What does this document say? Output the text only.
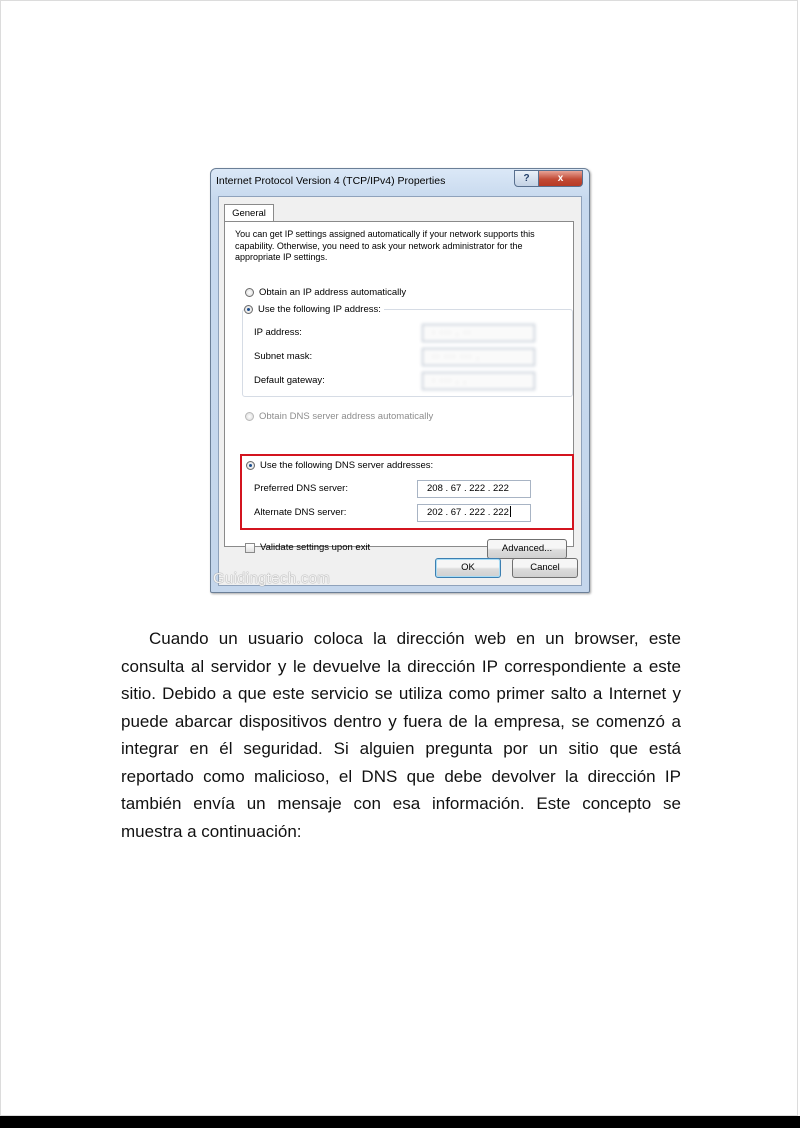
Internet Protocol Version 4 (TCP/IPv4) Properties	?	x
General
You can get IP settings assigned automatically if your network supports this capability. Otherwise, you need to ask your network administrator for the appropriate IP settings.
Obtain an IP address automatically
IP address:	· ··· . ··
Subnet mask:	·· ··· ··· .
Default gateway:	· ··· . .
Use the following IP address:
Obtain DNS server address automatically
Use the following DNS server addresses:
Preferred DNS server:	208 . 67 . 222 . 222
Alternate DNS server:	202 . 67 . 222 . 222
Validate settings upon exit	Advanced...
OK	Cancel
Guidingtech.com

Cuando un usuario coloca la dirección web en un browser, este consulta al servidor y le devuelve la dirección IP correspondiente a este sitio. Debido a que este servicio se utiliza como primer salto a Internet y puede abarcar dispositivos dentro y fuera de la empresa, se comenzó a integrar en él seguridad. Si alguien pregunta por un sitio que está reportado como malicioso, el DNS que debe devolver la dirección IP también envía un mensaje con esa información. Este concepto se muestra a continuación:
